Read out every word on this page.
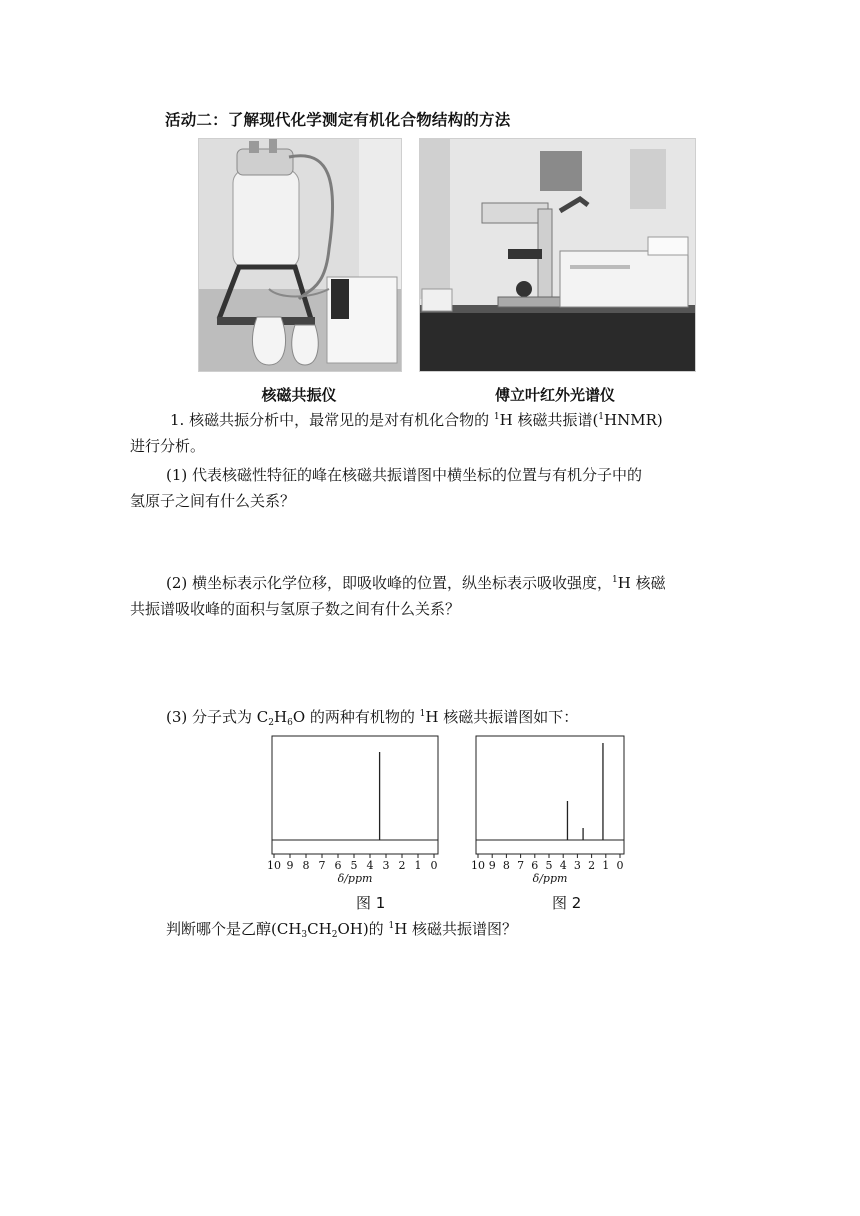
活动二：了解现代化学测定有机化合物结构的方法
核磁共振仪	傅立叶红外光谱仪
1. 核磁共振分析中，最常见的是对有机化合物的 $^1$H 核磁共振谱($^1$HNMR)
进行分析。
(1) 代表核磁性特征的峰在核磁共振谱图中横坐标的位置与有机分子中的
氢原子之间有什么关系？
(2) 横坐标表示化学位移，即吸收峰的位置，纵坐标表示吸收强度，$^1$H 核磁
共振谱吸收峰的面积与氢原子数之间有什么关系？
(3) 分子式为 $C_2H_6O$ 的两种有机物的 $^1$H 核磁共振谱图如下：
10 9 8 7 6 5 4 3 2 1 0
δ/ppm
图 1
10 9 8 7 6 5 4 3 2 1 0
δ/ppm
图 2
判断哪个是乙醇$(CH_3CH_2OH)$的 $^1$H 核磁共振谱图？
